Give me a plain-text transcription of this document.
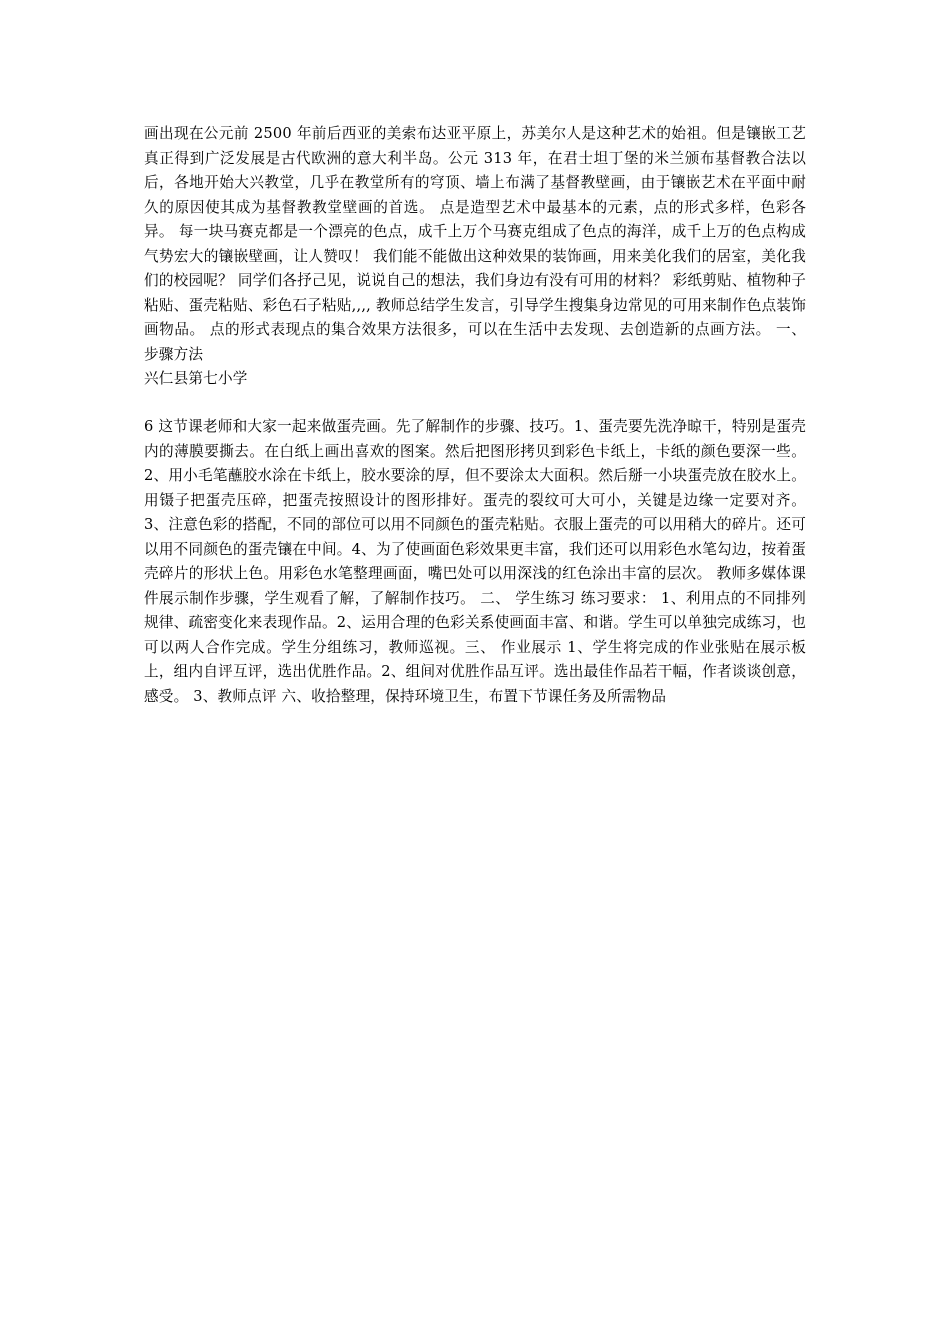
画出现在公元前 2500 年前后西亚的美索布达亚平原上，苏美尔人是这种艺术的始祖。但是镶嵌工艺真正得到广泛发展是古代欧洲的意大利半岛。公元 313 年，在君士坦丁堡的米兰颁布基督教合法以后，各地开始大兴教堂，几乎在教堂所有的穹顶、墙上布满了基督教壁画，由于镶嵌艺术在平面中耐久的原因使其成为基督教教堂壁画的首选。 点是造型艺术中最基本的元素，点的形式多样，色彩各异。 每一块马赛克都是一个漂亮的色点，成千上万个马赛克组成了色点的海洋，成千上万的色点构成气势宏大的镶嵌壁画，让人赞叹！ 我们能不能做出这种效果的装饰画，用来美化我们的居室，美化我们的校园呢？ 同学们各抒己见，说说自己的想法，我们身边有没有可用的材料？ 彩纸剪贴、植物种子粘贴、蛋壳粘贴、彩色石子粘贴,,,, 教师总结学生发言，引导学生搜集身边常见的可用来制作色点装饰画物品。 点的形式表现点的集合效果方法很多，可以在生活中去发现、去创造新的点画方法。 一、 步骤方法
兴仁县第七小学
6 这节课老师和大家一起来做蛋壳画。先了解制作的步骤、技巧。1、蛋壳要先洗净晾干，特别是蛋壳内的薄膜要撕去。在白纸上画出喜欢的图案。然后把图形拷贝到彩色卡纸上，卡纸的颜色要深一些。 2、用小毛笔蘸胶水涂在卡纸上，胶水要涂的厚，但不要涂太大面积。然后掰一小块蛋壳放在胶水上。用镊子把蛋壳压碎，把蛋壳按照设计的图形排好。蛋壳的裂纹可大可小，关键是边缘一定要对齐。 3、注意色彩的搭配，不同的部位可以用不同颜色的蛋壳粘贴。衣服上蛋壳的可以用稍大的碎片。还可以用不同颜色的蛋壳镶在中间。4、为了使画面色彩效果更丰富，我们还可以用彩色水笔勾边，按着蛋壳碎片的形状上色。用彩色水笔整理画面，嘴巴处可以用深浅的红色涂出丰富的层次。 教师多媒体课件展示制作步骤，学生观看了解，了解制作技巧。 二、 学生练习 练习要求： 1、利用点的不同排列规律、疏密变化来表现作品。2、运用合理的色彩关系使画面丰富、和谐。学生可以单独完成练习，也可以两人合作完成。学生分组练习，教师巡视。三、 作业展示 1、学生将完成的作业张贴在展示板上，组内自评互评，选出优胜作品。2、组间对优胜作品互评。选出最佳作品若干幅，作者谈谈创意，感受。 3、教师点评 六、收拾整理，保持环境卫生，布置下节课任务及所需物品
